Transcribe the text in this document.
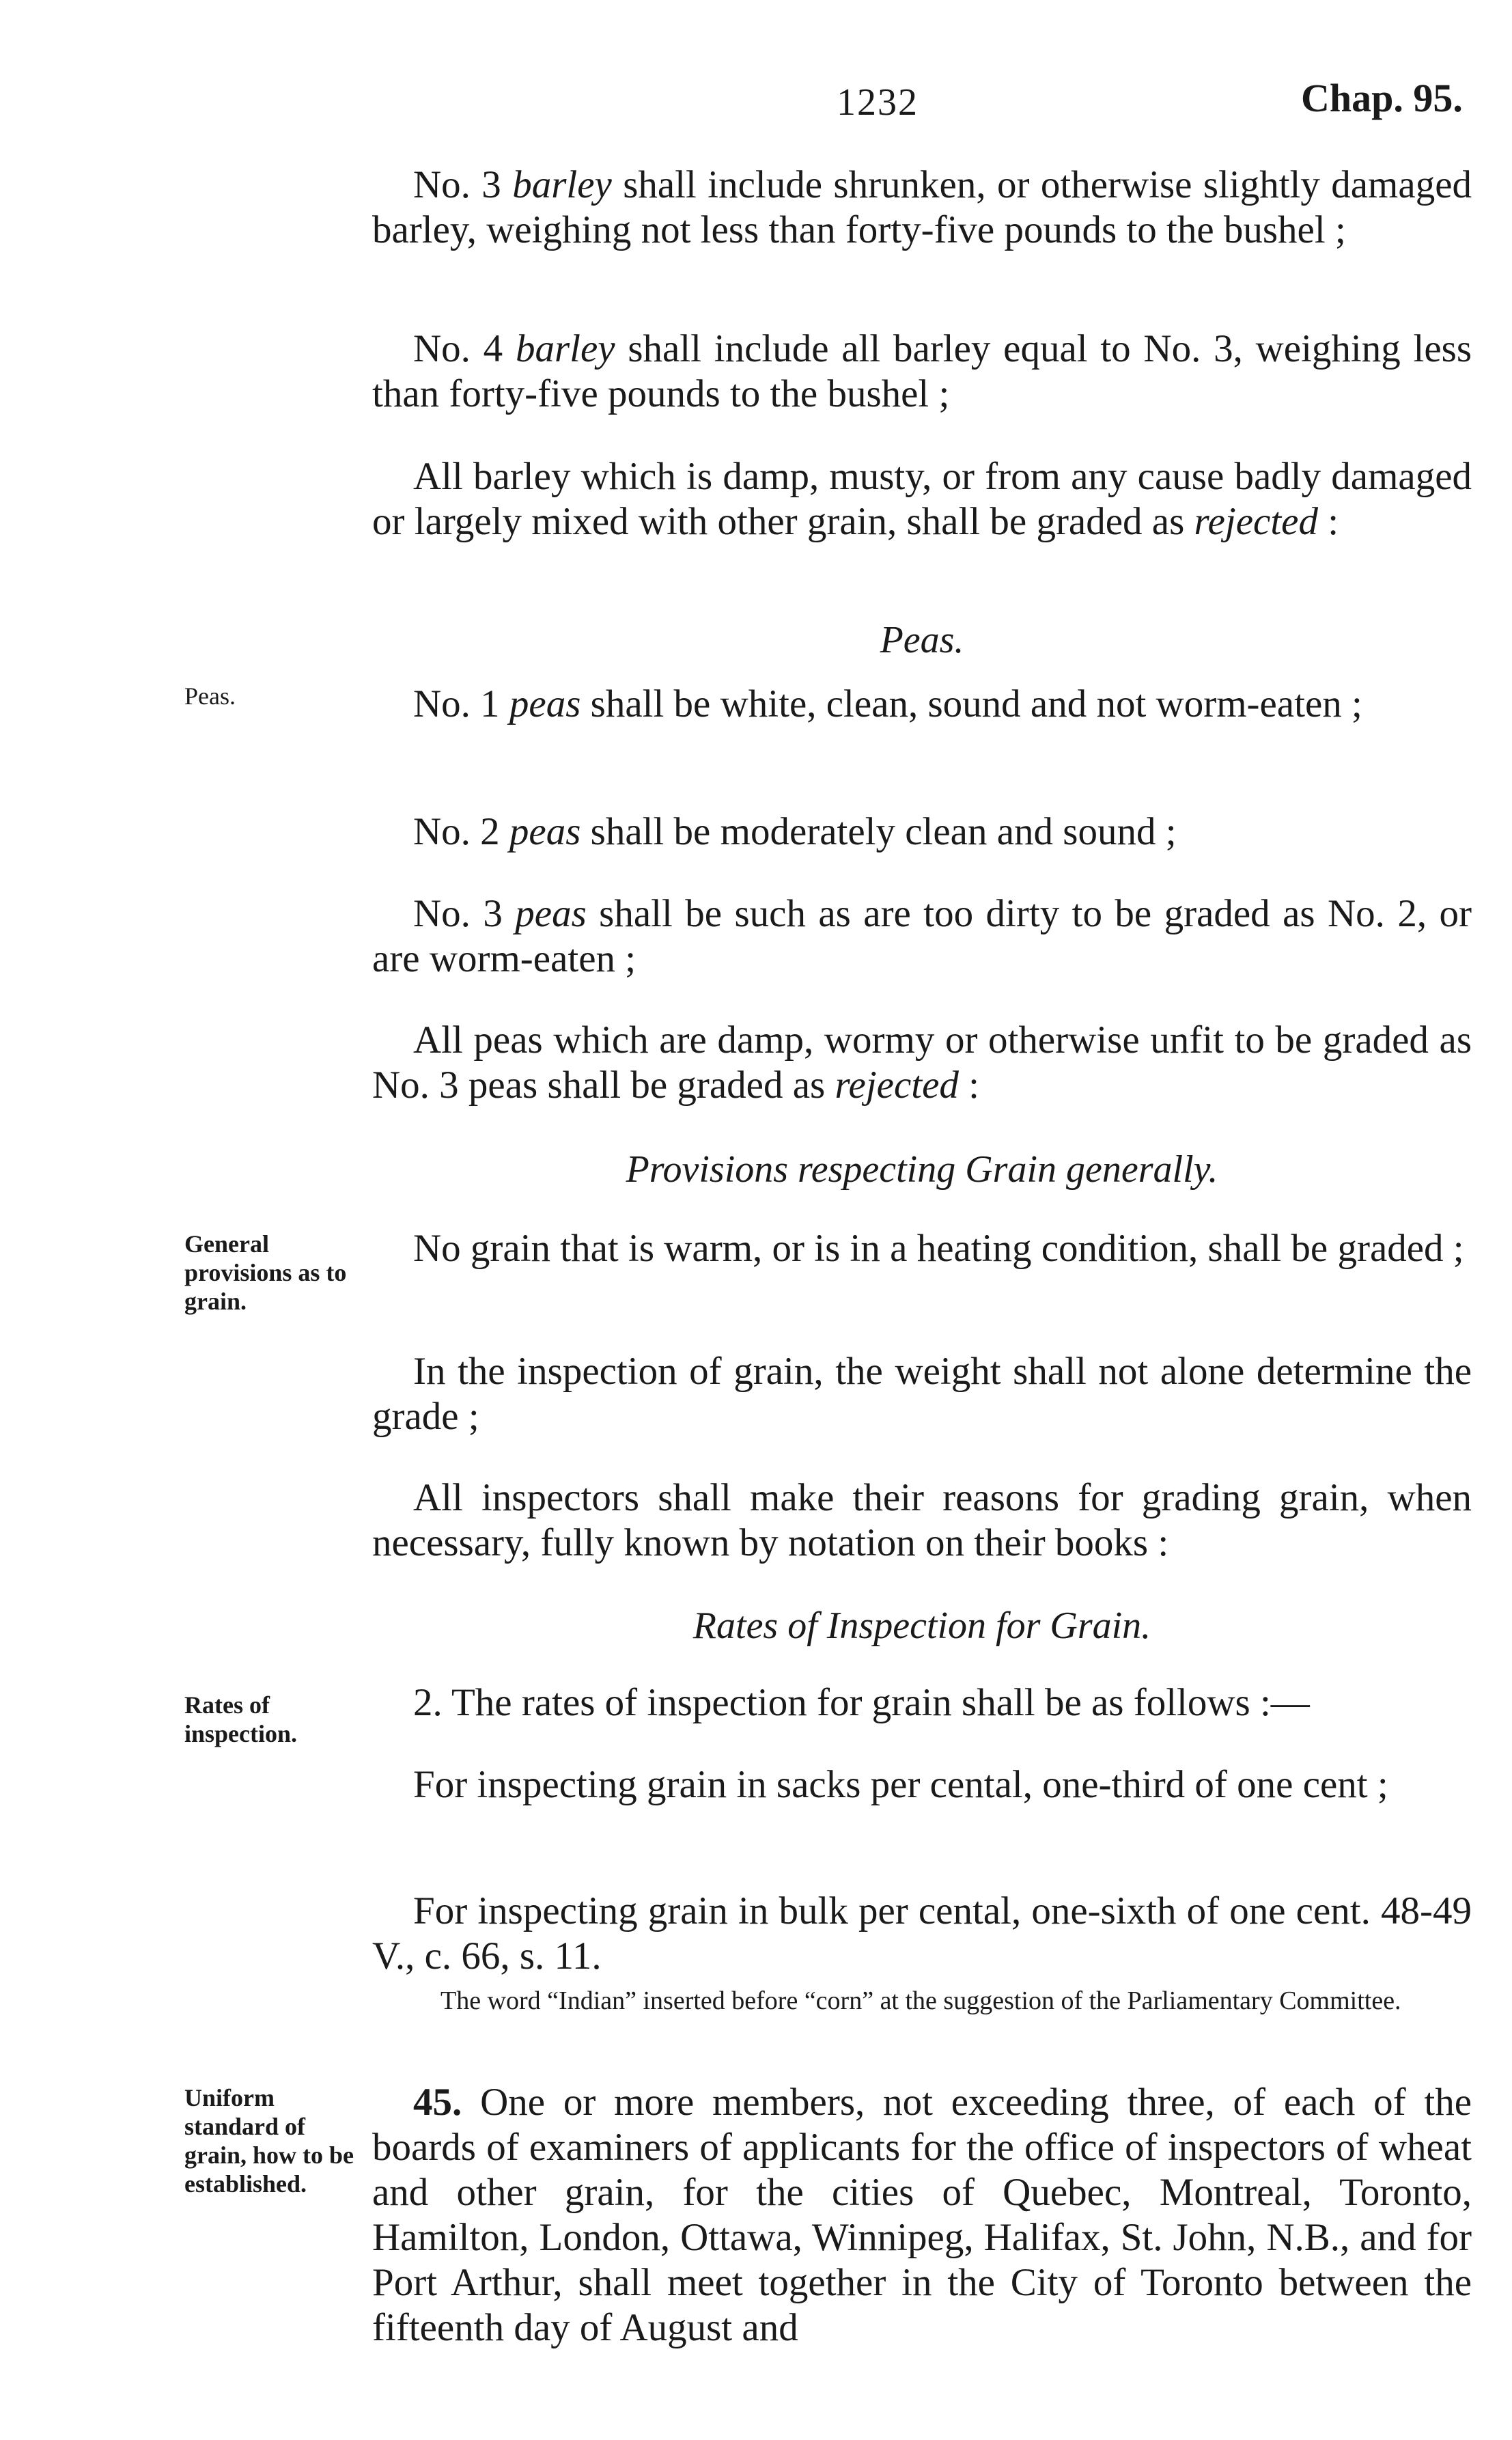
1232	Chap. 95.

No. 3 barley shall include shrunken, or otherwise slightly damaged barley, weighing not less than forty-five pounds to the bushel ;

No. 4 barley shall include all barley equal to No. 3, weighing less than forty-five pounds to the bushel ;

All barley which is damp, musty, or from any cause badly damaged or largely mixed with other grain, shall be graded as rejected :

Peas.

Peas.	No. 1 peas shall be white, clean, sound and not worm-eaten ;

No. 2 peas shall be moderately clean and sound ;

No. 3 peas shall be such as are too dirty to be graded as No. 2, or are worm-eaten ;

All peas which are damp, wormy or otherwise unfit to be graded as No. 3 peas shall be graded as rejected :

Provisions respecting Grain generally.

General provisions as to grain.

No grain that is warm, or is in a heating condition, shall be graded ;

In the inspection of grain, the weight shall not alone determine the grade ;

All inspectors shall make their reasons for grading grain, when necessary, fully known by notation on their books :

Rates of Inspection for Grain.

Rates of inspection.

2. The rates of inspection for grain shall be as follows :—

For inspecting grain in sacks per cental, one-third of one cent ;

For inspecting grain in bulk per cental, one-sixth of one cent. 48-49 V., c. 66, s. 11.

The word “Indian” inserted before “corn” at the suggestion of the Parliamentary Committee.

Uniform standard of grain, how to be established.

45. One or more members, not exceeding three, of each of the boards of examiners of applicants for the office of inspectors of wheat and other grain, for the cities of Quebec, Montreal, Toronto, Hamilton, London, Ottawa, Winnipeg, Halifax, St. John, N.B., and for Port Arthur, shall meet together in the City of Toronto between the fifteenth day of August and
